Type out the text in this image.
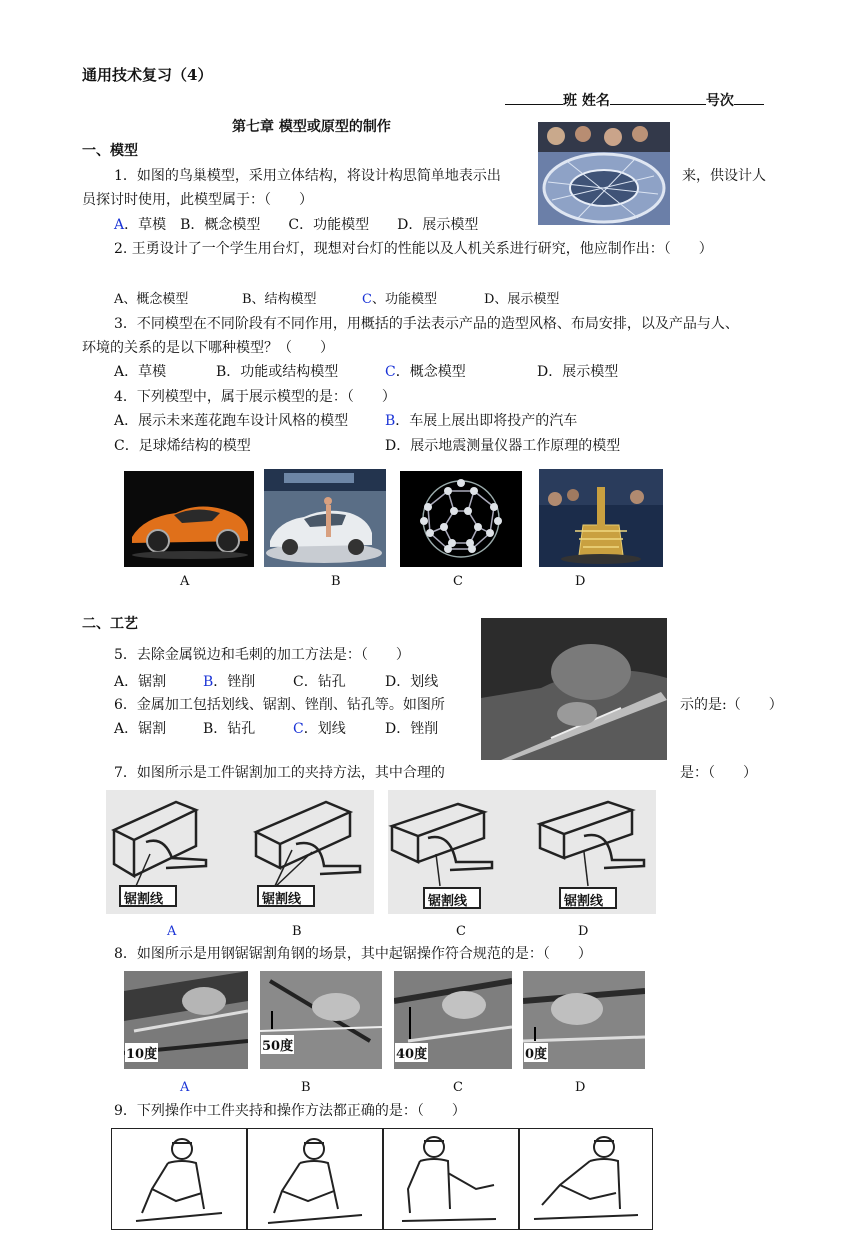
通用技术复习（4）
班 姓名	号次
第七章 模型或原型的制作
一、模型
1．如图的鸟巢模型，采用立体结构，将设计构思简单地表示出	来，供设计人
员探讨时使用，此模型属于：（　　）
A．草模　B．概念模型　　C．功能模型　　D．展示模型
2. 王勇设计了一个学生用台灯，现想对台灯的性能以及人机关系进行研究，他应制作出：（　　）
A、概念模型	B、结构模型	C、功能模型	D、展示模型
3．不同模型在不同阶段有不同作用，用概括的手法表示产品的造型风格、布局安排，以及产品与人、
环境的关系的是以下哪种模型？（　　）
A．草模	B．功能或结构模型	C．概念模型	D．展示模型
4．下列模型中，属于展示模型的是：（　　）
A．展示未来莲花跑车设计风格的模型	B．车展上展出即将投产的汽车
C．足球烯结构的模型	D．展示地震测量仪器工作原理的模型
A	B	C	D
二、工艺
5．去除金属锐边和毛刺的加工方法是：（　　）
A．锯割	B．锉削	C．钻孔	D．划线
6．金属加工包括划线、锯割、锉削、钻孔等。如图所	示的是:（　　）
A．锯割	B．钻孔	C．划线	D．锉削
7．如图所示是工件锯割加工的夹持方法，其中合理的	是：（　　）
锯割线	锯割线	锯割线	锯割线
A	B	C	D
8．如图所示是用钢锯锯割角钢的场景，其中起锯操作符合规范的是：（　　）
10度
50度
40度	0度
A	B	C	D
9．下列操作中工件夹持和操作方法都正确的是：（　　）
